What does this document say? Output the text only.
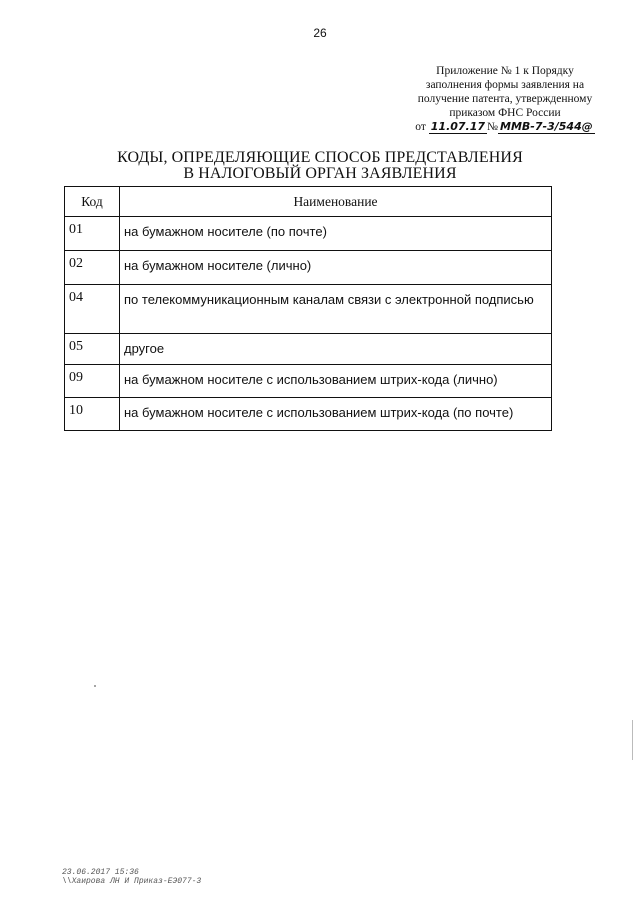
26
Приложение № 1 к Порядку
заполнения формы заявления на
получение патента, утвержденному
приказом ФНС России
от 11.07.17 № ММВ-7-3/544@
КОДЫ, ОПРЕДЕЛЯЮЩИЕ СПОСОБ ПРЕДСТАВЛЕНИЯ
В НАЛОГОВЫЙ ОРГАН ЗАЯВЛЕНИЯ
Код	Наименование
01	на бумажном носителе (по почте)
02	на бумажном носителе (лично)
04	по телекоммуникационным каналам связи с электронной подписью
05	другое
09	на бумажном носителе с использованием штрих-кода (лично)
10	на бумажном носителе с использованием штрих-кода (по почте)
23.06.2017 15:36
\\Хаирова ЛН И Приказ-ЕЭ077-3
